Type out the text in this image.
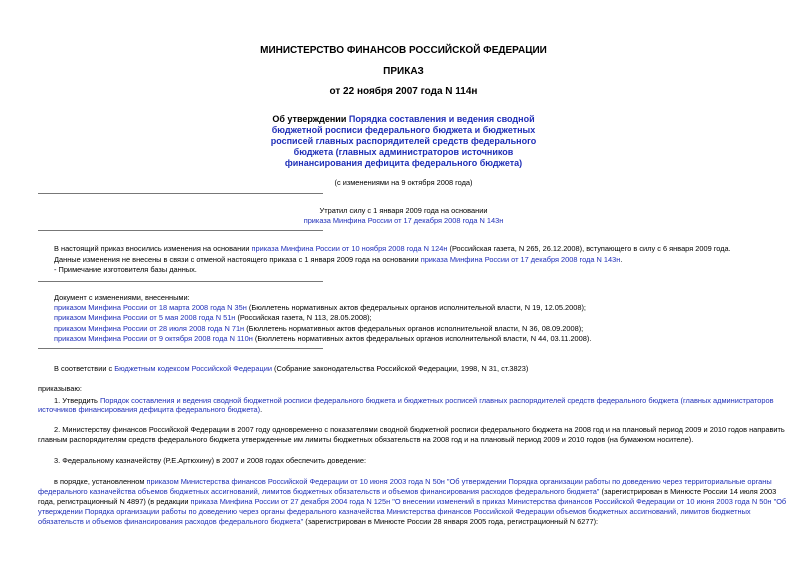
МИНИСТЕРСТВО ФИНАНСОВ РОССИЙСКОЙ ФЕДЕРАЦИИ
ПРИКАЗ
от 22 ноября 2007 года N 114н
Об утверждении Порядка составления и ведения сводной
бюджетной росписи федерального бюджета и бюджетных
росписей главных распорядителей средств федерального
бюджета (главных администраторов источников
финансирования дефицита федерального бюджета)
(с изменениями на 9 октября 2008 года)
Утратил силу с 1 января 2009 года на основании
приказа Минфина России от 17 декабря 2008 года N 143н
В настоящий приказ вносились изменения на основании приказа Минфина России от 10 ноября 2008 года N 124н (Российская газета, N 265, 26.12.2008), вступающего в силу с 6 января 2009 года.
Данные изменения не внесены в связи с отменой настоящего приказа с 1 января 2009 года на основании приказа Минфина России от 17 декабря 2008 года N 143н.
- Примечание изготовителя базы данных.
Документ с изменениями, внесенными:
приказом Минфина России от 18 марта 2008 года N 35н (Бюллетень нормативных актов федеральных органов исполнительной власти, N 19, 12.05.2008);
приказом Минфина России от 5 мая 2008 года N 51н (Российская газета, N 113, 28.05.2008);
приказом Минфина России от 28 июля 2008 года N 71н (Бюллетень нормативных актов федеральных органов исполнительной власти, N 36, 08.09.2008);
приказом Минфина России от 9 октября 2008 года N 110н (Бюллетень нормативных актов федеральных органов исполнительной власти, N 44, 03.11.2008).
В соответствии с Бюджетным кодексом Российской Федерации (Собрание законодательства Российской Федерации, 1998, N 31, ст.3823)
приказываю:
1. Утвердить Порядок составления и ведения сводной бюджетной росписи федерального бюджета и бюджетных росписей главных распорядителей средств федерального бюджета (главных администраторов
источников финансирования дефицита федерального бюджета).
2. Министерству финансов Российской Федерации в 2007 году одновременно с показателями сводной бюджетной росписи федерального бюджета на 2008 год и на плановый период 2009 и 2010 годов направить
главным распорядителям средств федерального бюджета утвержденные им лимиты бюджетных обязательств на 2008 год и на плановый период 2009 и 2010 годов (на бумажном носителе).
3. Федеральному казначейству (Р.Е.Артюхину) в 2007 и 2008 годах обеспечить доведение:
в порядке, установленном приказом Министерства финансов Российской Федерации от 10 июня 2003 года N 50н "Об утверждении Порядка организации работы по доведению через территориальные органы
федерального казначейства объемов бюджетных ассигнований, лимитов бюджетных обязательств и объемов финансирования расходов федерального бюджета" (зарегистрирован в Минюсте России 14 июля 2003
года, регистрационный N 4897) (в редакции приказа Минфина России от 27 декабря 2004 года N 125н "О внесении изменений в приказ Министерства финансов Российской Федерации от 10 июня 2003 года N 50н "Об
утверждении Порядка организации работы по доведению через органы федерального казначейства Министерства финансов Российской Федерации объемов бюджетных ассигнований, лимитов бюджетных
обязательств и объемов финансирования расходов федерального бюджета" (зарегистрирован в Минюсте России 28 января 2005 года, регистрационный N 6277):
